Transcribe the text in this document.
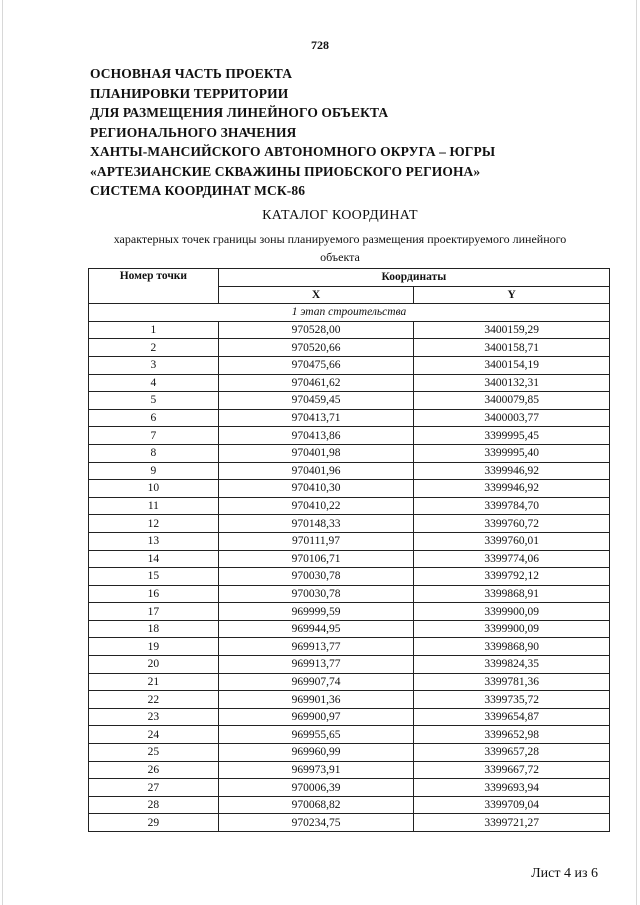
728
ОСНОВНАЯ ЧАСТЬ ПРОЕКТА
ПЛАНИРОВКИ ТЕРРИТОРИИ
ДЛЯ РАЗМЕЩЕНИЯ ЛИНЕЙНОГО ОБЪЕКТА
РЕГИОНАЛЬНОГО ЗНАЧЕНИЯ
ХАНТЫ-МАНСИЙСКОГО АВТОНОМНОГО ОКРУГА – ЮГРЫ
«АРТЕЗИАНСКИЕ СКВАЖИНЫ ПРИОБСКОГО РЕГИОНА»
СИСТЕМА КООРДИНАТ МСК-86
КАТАЛОГ КООРДИНАТ
характерных точек границы зоны планируемого размещения проектируемого линейного
объекта
Номер точки	Координаты	
	X	Y
1 этап строительства		
1	970528,00	3400159,29
2	970520,66	3400158,71
3	970475,66	3400154,19
4	970461,62	3400132,31
5	970459,45	3400079,85
6	970413,71	3400003,77
7	970413,86	3399995,45
8	970401,98	3399995,40
9	970401,96	3399946,92
10	970410,30	3399946,92
11	970410,22	3399784,70
12	970148,33	3399760,72
13	970111,97	3399760,01
14	970106,71	3399774,06
15	970030,78	3399792,12
16	970030,78	3399868,91
17	969999,59	3399900,09
18	969944,95	3399900,09
19	969913,77	3399868,90
20	969913,77	3399824,35
21	969907,74	3399781,36
22	969901,36	3399735,72
23	969900,97	3399654,87
24	969955,65	3399652,98
25	969960,99	3399657,28
26	969973,91	3399667,72
27	970006,39	3399693,94
28	970068,82	3399709,04
29	970234,75	3399721,27
Лист 4 из 6
